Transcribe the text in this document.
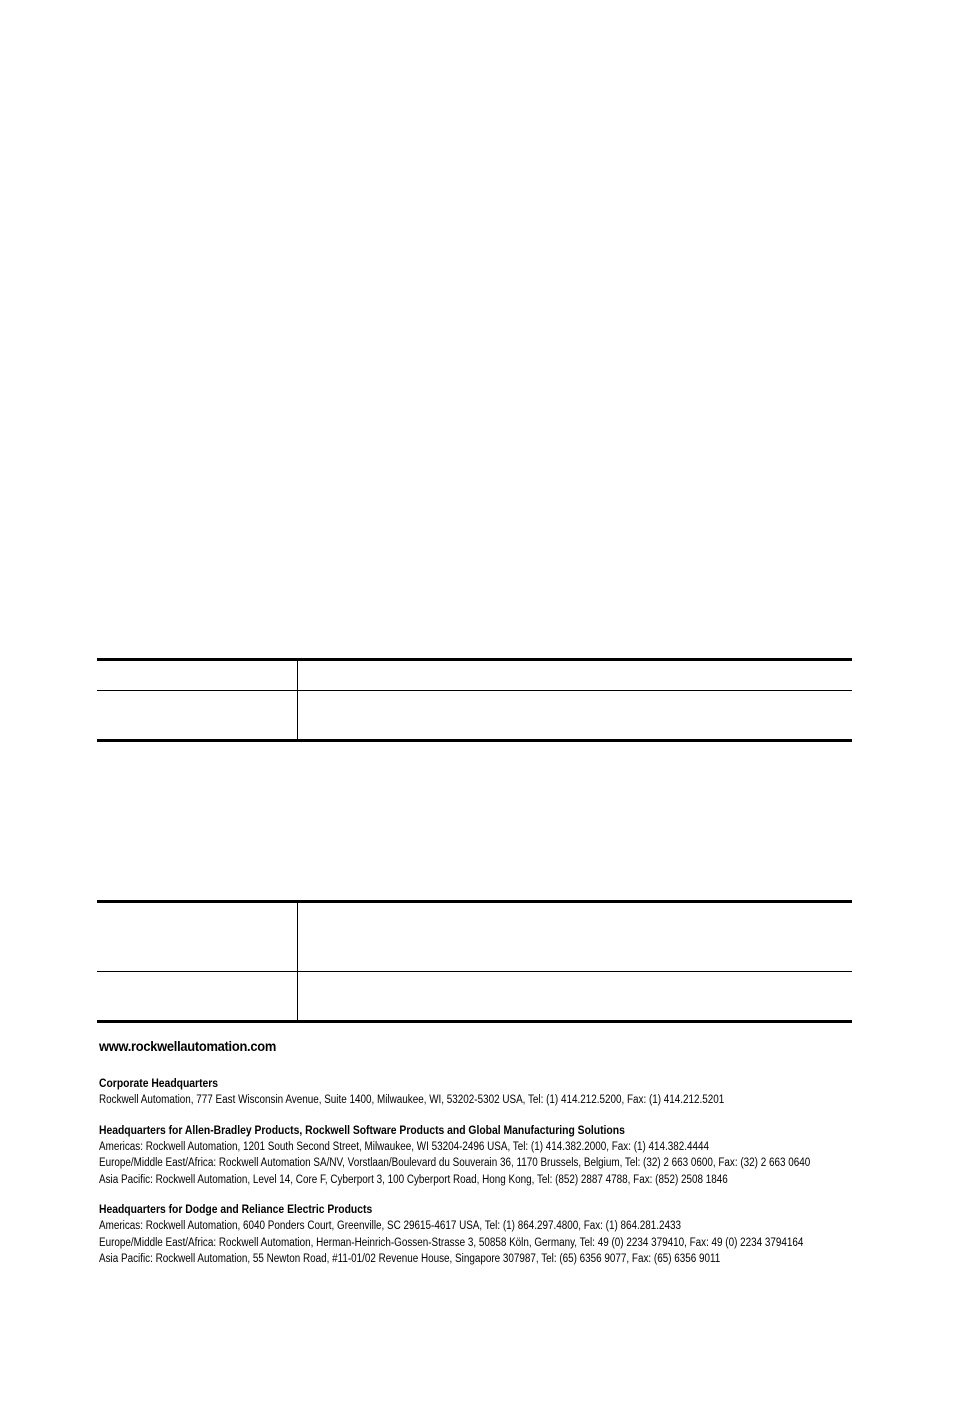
www.rockwellautomation.com

Corporate Headquarters

Rockwell Automation, 777 East Wisconsin Avenue, Suite 1400, Milwaukee, WI, 53202-5302 USA, Tel: (1) 414.212.5200, Fax: (1) 414.212.5201

Headquarters for Allen-Bradley Products, Rockwell Software Products and Global Manufacturing Solutions

Americas: Rockwell Automation, 1201 South Second Street, Milwaukee, WI 53204-2496 USA, Tel: (1) 414.382.2000, Fax: (1) 414.382.4444

Europe/Middle East/Africa: Rockwell Automation SA/NV, Vorstlaan/Boulevard du Souverain 36, 1170 Brussels, Belgium, Tel: (32) 2 663 0600, Fax: (32) 2 663 0640

Asia Pacific: Rockwell Automation, Level 14, Core F, Cyberport 3, 100 Cyberport Road, Hong Kong, Tel: (852) 2887 4788, Fax: (852) 2508 1846

Headquarters for Dodge and Reliance Electric Products

Americas: Rockwell Automation, 6040 Ponders Court, Greenville, SC 29615-4617 USA, Tel: (1) 864.297.4800, Fax: (1) 864.281.2433

Europe/Middle East/Africa: Rockwell Automation, Herman-Heinrich-Gossen-Strasse 3, 50858 Köln, Germany, Tel: 49 (0) 2234 379410, Fax: 49 (0) 2234 3794164

Asia Pacific: Rockwell Automation, 55 Newton Road, #11-01/02 Revenue House, Singapore 307987, Tel: (65) 6356 9077, Fax: (65) 6356 9011
